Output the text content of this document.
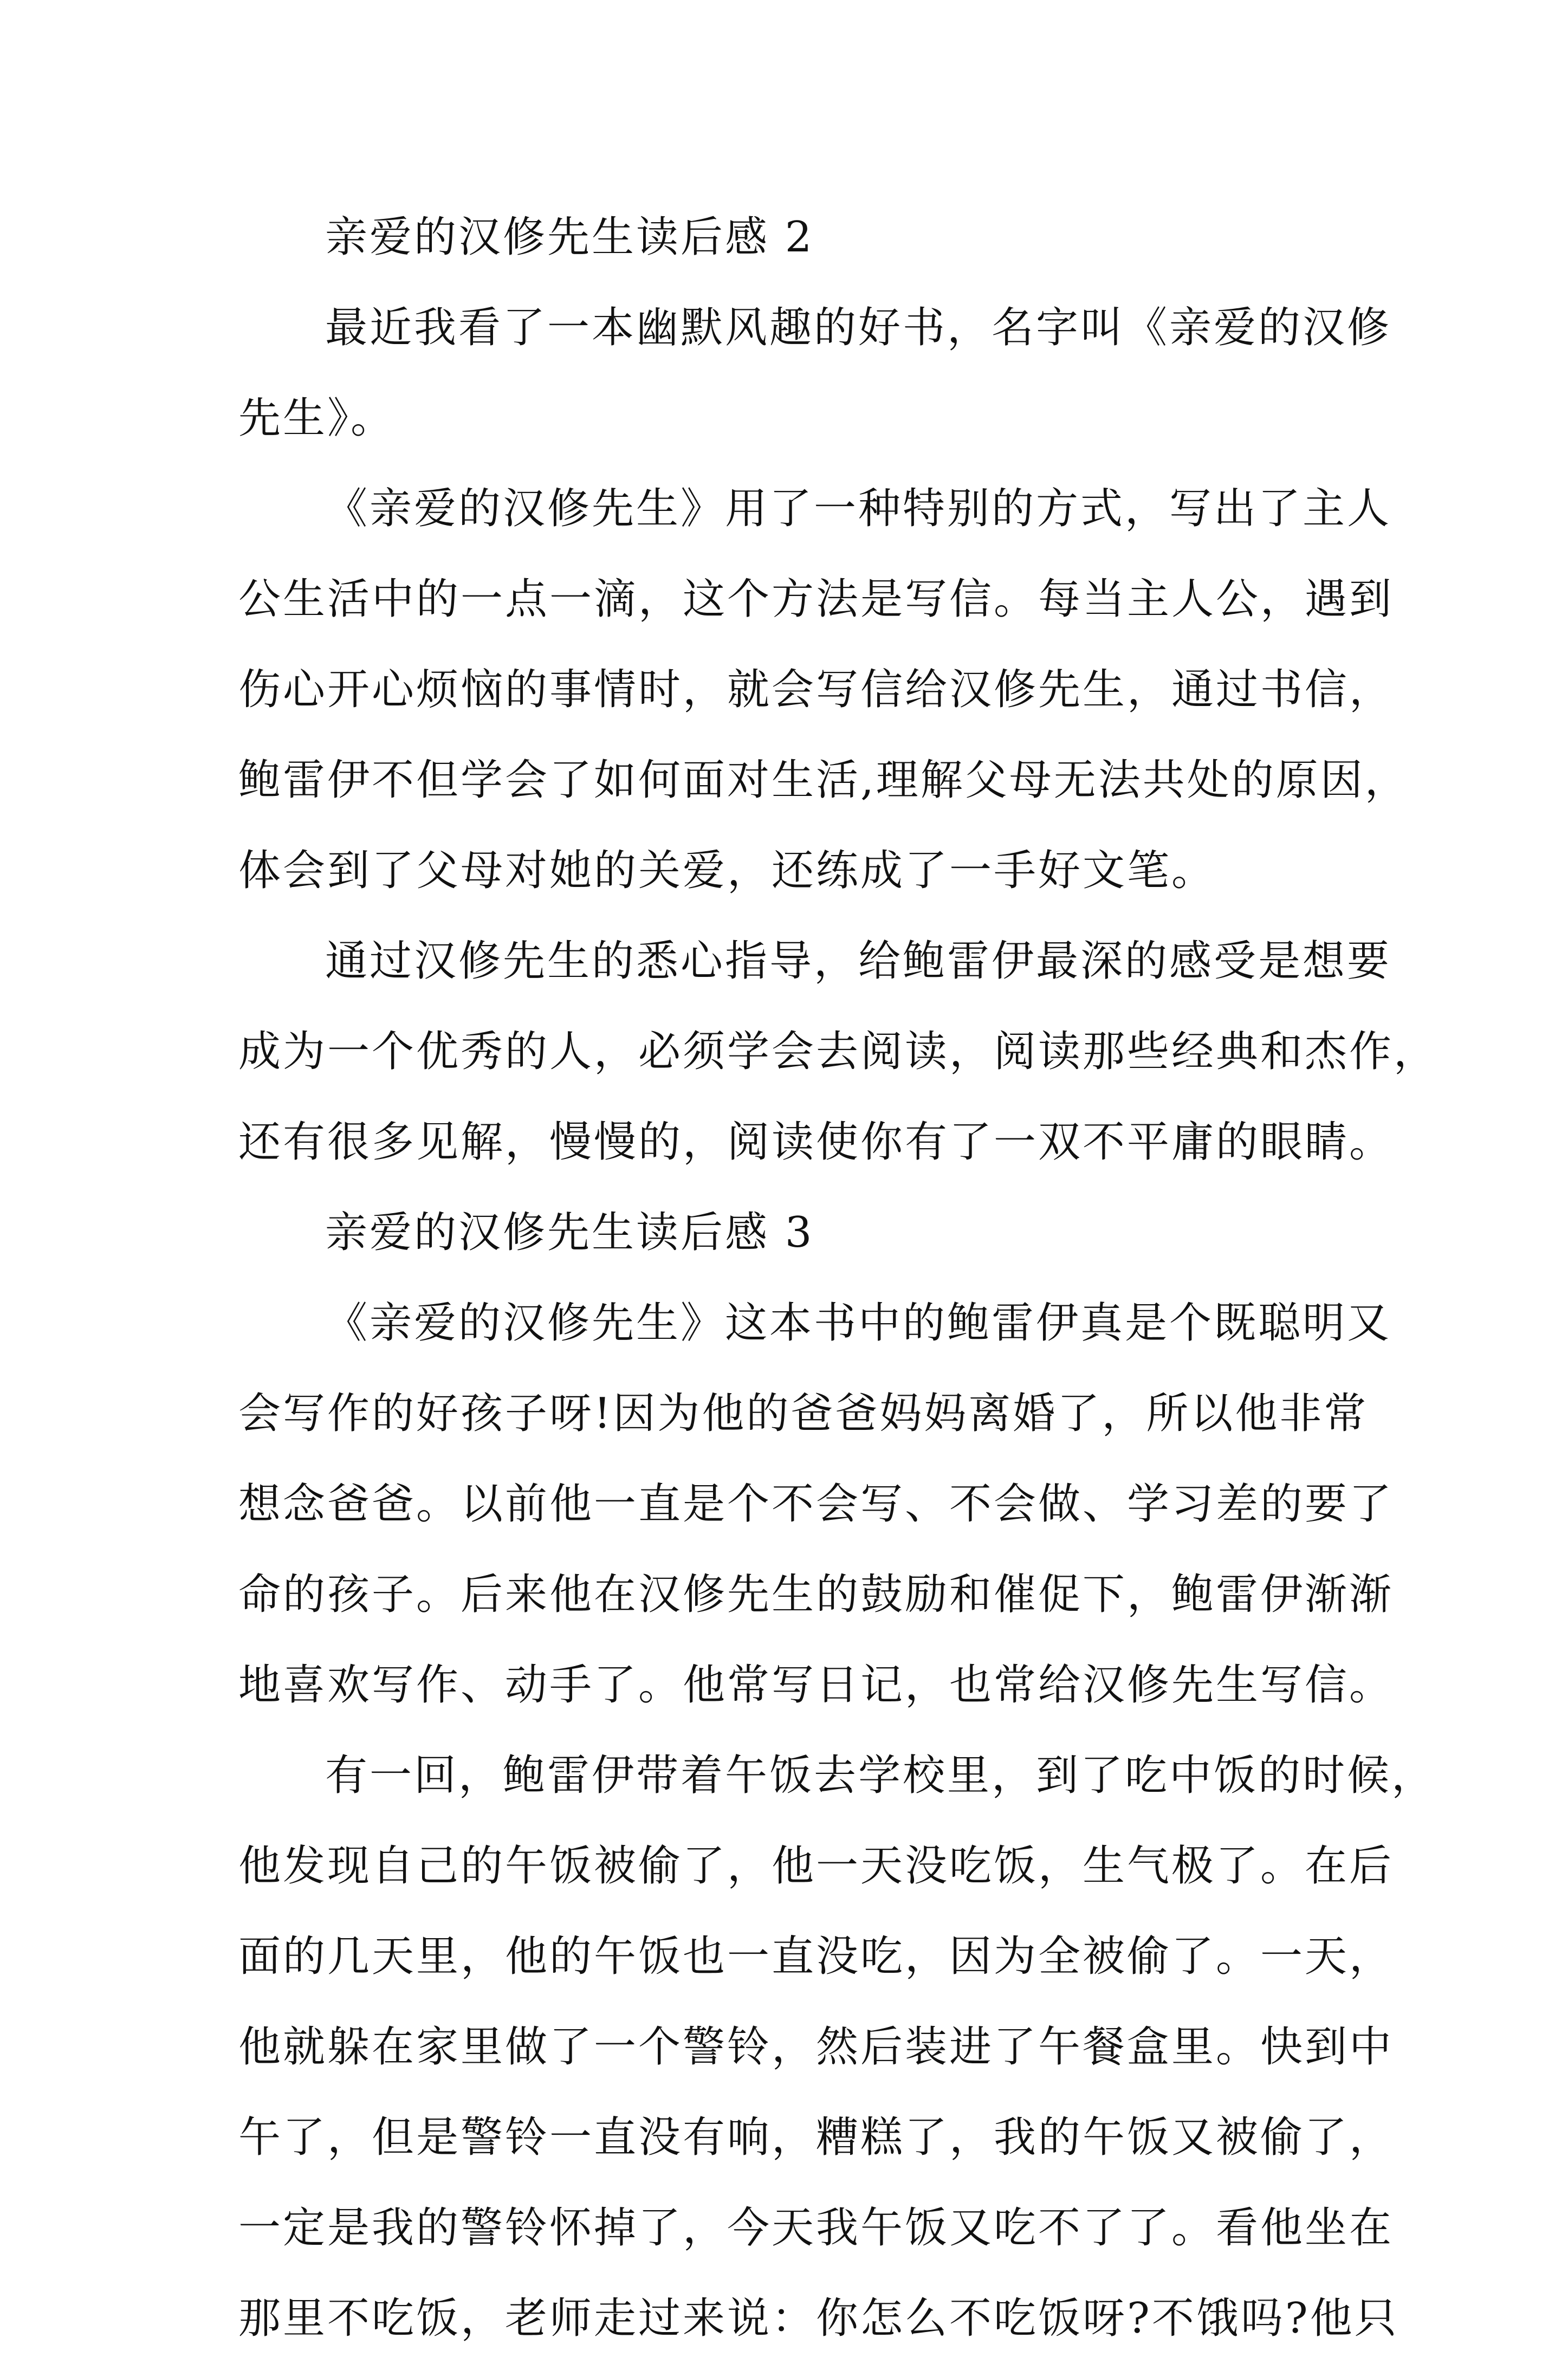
亲爱的汉修先生读后感 2
最近我看了一本幽默风趣的好书，名字叫《亲爱的汉修
先生》。
《亲爱的汉修先生》用了一种特别的方式，写出了主人
公生活中的一点一滴，这个方法是写信。每当主人公，遇到
伤心开心烦恼的事情时，就会写信给汉修先生，通过书信，
鲍雷伊不但学会了如何面对生活,理解父母无法共处的原因，
体会到了父母对她的关爱，还练成了一手好文笔。
通过汉修先生的悉心指导，给鲍雷伊最深的感受是想要
成为一个优秀的人，必须学会去阅读，阅读那些经典和杰作，
还有很多见解，慢慢的，阅读使你有了一双不平庸的眼睛。
亲爱的汉修先生读后感 3
《亲爱的汉修先生》这本书中的鲍雷伊真是个既聪明又
会写作的好孩子呀!因为他的爸爸妈妈离婚了，所以他非常
想念爸爸。以前他一直是个不会写、不会做、学习差的要了
命的孩子。后来他在汉修先生的鼓励和催促下，鲍雷伊渐渐
地喜欢写作、动手了。他常写日记，也常给汉修先生写信。
有一回，鲍雷伊带着午饭去学校里，到了吃中饭的时候，
他发现自己的午饭被偷了，他一天没吃饭，生气极了。在后
面的几天里，他的午饭也一直没吃，因为全被偷了。一天，
他就躲在家里做了一个警铃，然后装进了午餐盒里。快到中
午了，但是警铃一直没有响，糟糕了，我的午饭又被偷了，
一定是我的警铃怀掉了，今天我午饭又吃不了了。看他坐在
那里不吃饭，老师走过来说：你怎么不吃饭呀?不饿吗?他只
